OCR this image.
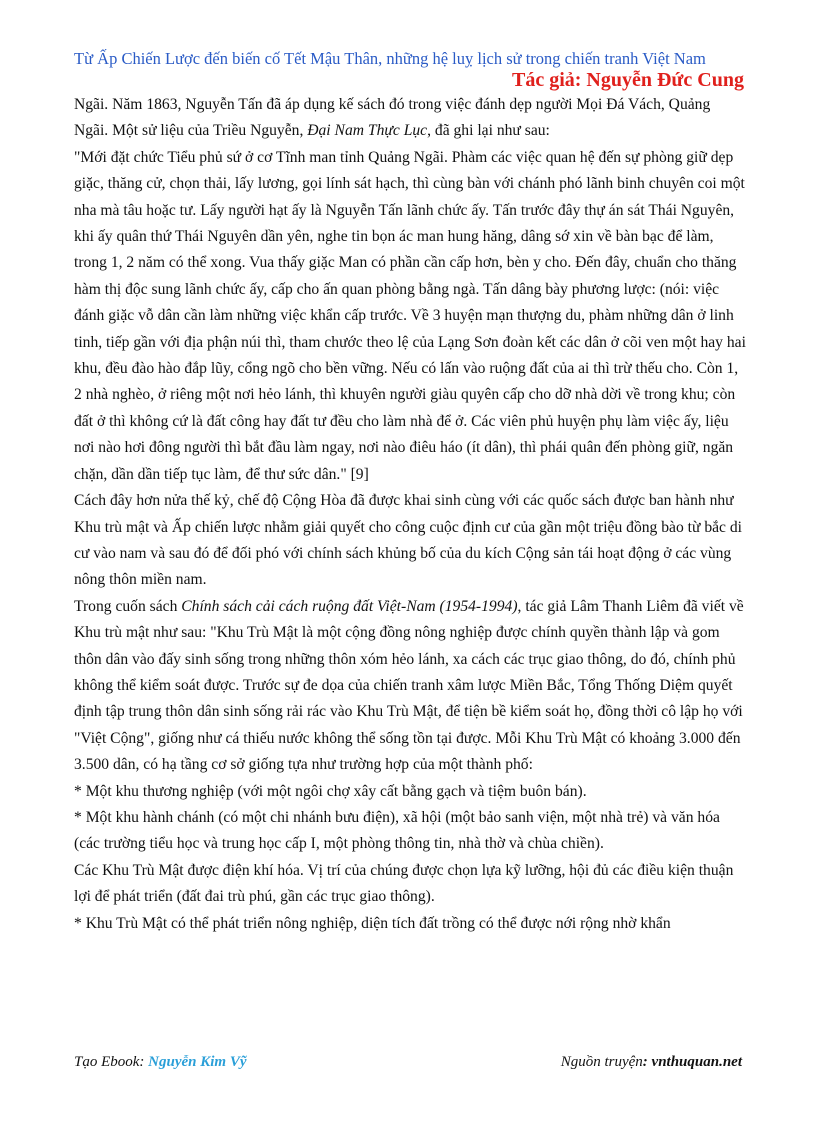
Từ Ấp Chiến Lược đến biến cố Tết Mậu Thân, những hệ luỵ lịch sử trong chiến tranh Việt Nam
Tác giả: Nguyễn Đức Cung

Ngãi. Năm 1863, Nguyễn Tấn đã áp dụng kế sách đó trong việc đánh dẹp người Mọi Đá Vách, Quảng Ngãi. Một sử liệu của Triều Nguyễn, Đại Nam Thực Lục, đã ghi lại như sau:

"Mới đặt chức Tiểu phủ sứ ở cơ Tĩnh man tỉnh Quảng Ngãi. Phàm các việc quan hệ đến sự phòng giữ dẹp giặc, thăng cử, chọn thải, lấy lương, gọi lính sát hạch, thì cùng bàn với chánh phó lãnh binh chuyên coi một nha mà tâu hoặc tư. Lấy người hạt ấy là Nguyễn Tấn lãnh chức ấy. Tấn trước đây thự án sát Thái Nguyên, khi ấy quân thứ Thái Nguyên dần yên, nghe tin bọn ác man hung hăng, dâng sớ xin về bàn bạc để làm, trong 1, 2 năm có thể xong. Vua thấy giặc Man có phần cần cấp hơn, bèn y cho. Đến đây, chuẩn cho thăng hàm thị độc sung lãnh chức ấy, cấp cho ấn quan phòng bằng ngà. Tấn dâng bày phương lược: (nói: việc đánh giặc vỗ dân cần làm những việc khẩn cấp trước. Về 3 huyện mạn thượng du, phàm những dân ở linh tinh, tiếp gần với địa phận núi thì, tham chước theo lệ của Lạng Sơn đoàn kết các dân ở cõi ven một hay hai khu, đều đào hào đắp lũy, cổng ngõ cho bền vững. Nếu có lấn vào ruộng đất của ai thì trừ thếu cho. Còn 1, 2 nhà nghèo, ở riêng một nơi hẻo lánh, thì khuyên người giàu quyên cấp cho dỡ nhà dời về trong khu; còn đất ở thì không cứ là đất công hay đất tư đều cho làm nhà để ở. Các viên phủ huyện phụ làm việc ấy, liệu nơi nào hơi đông người thì bắt đầu làm ngay, nơi nào điêu háo (ít dân), thì phái quân đến phòng giữ, ngăn chặn, dần dần tiếp tục làm, để thư sức dân." [9]

Cách đây hơn nửa thế kỷ, chế độ Cộng Hòa đã được khai sinh cùng với các quốc sách được ban hành như Khu trù mật và Ấp chiến lược nhằm giải quyết cho công cuộc định cư của gần một triệu đồng bào từ bắc di cư vào nam và sau đó để đối phó với chính sách khủng bố của du kích Cộng sản tái hoạt động ở các vùng nông thôn miền nam.

Trong cuốn sách Chính sách cải cách ruộng đất Việt-Nam (1954-1994), tác giả Lâm Thanh Liêm đã viết về Khu trù mật như sau: "Khu Trù Mật là một cộng đồng nông nghiệp được chính quyền thành lập và gom thôn dân vào đấy sinh sống trong những thôn xóm hẻo lánh, xa cách các trục giao thông, do đó, chính phủ không thể kiểm soát được. Trước sự đe dọa của chiến tranh xâm lược Miền Bắc, Tổng Thống Diệm quyết định tập trung thôn dân sinh sống rải rác vào Khu Trù Mật, để tiện bề kiểm soát họ, đồng thời cô lập họ với "Việt Cộng", giống như cá thiếu nước không thể sống tồn tại được. Mỗi Khu Trù Mật có khoảng 3.000 đến 3.500 dân, có hạ tầng cơ sở giống tựa như trường hợp của một thành phố:

* Một khu thương nghiệp (với một ngôi chợ xây cất bằng gạch và tiệm buôn bán).

* Một khu hành chánh (có một chi nhánh bưu điện), xã hội (một bảo sanh viện, một nhà trẻ) và văn hóa (các trường tiểu học và trung học cấp I, một phòng thông tin, nhà thờ và chùa chiền).

Các Khu Trù Mật được điện khí hóa. Vị trí của chúng được chọn lựa kỹ lưỡng, hội đủ các điều kiện thuận lợi để phát triển (đất đai trù phú, gần các trục giao thông).

* Khu Trù Mật có thể phát triển nông nghiệp, diện tích đất trồng có thể được nới rộng nhờ khẩn

Tạo Ebook: Nguyễn Kim Vỹ	Nguồn truyện: vnthuquan.net
